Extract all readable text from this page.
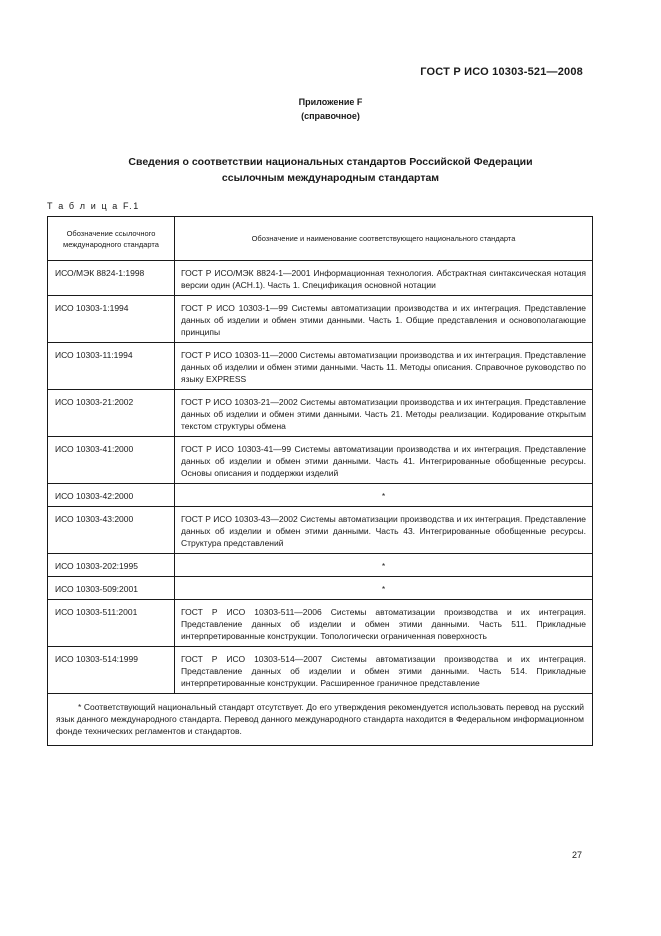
ГОСТ Р ИСО 10303-521—2008
Приложение F
(справочное)
Сведения о соответствии национальных стандартов Российской Федерации
ссылочным международным стандартам
Т а б л и ц а F.1
Обозначение ссылочного международного стандарта	Обозначение и наименование соответствующего национального стандарта
ИСО/МЭК 8824-1:1998	ГОСТ Р ИСО/МЭК 8824-1—2001 Информационная технология. Абстрактная синтаксическая нотация версии один (АСН.1). Часть 1. Спецификация основной нотации
ИСО 10303-1:1994	ГОСТ Р ИСО 10303-1—99 Системы автоматизации производства и их интеграция. Представление данных об изделии и обмен этими данными. Часть 1. Общие представления и основополагающие принципы
ИСО 10303-11:1994	ГОСТ Р ИСО 10303-11—2000 Системы автоматизации производства и их интеграция. Представление данных об изделии и обмен этими данными. Часть 11. Методы описания. Справочное руководство по языку EXPRESS
ИСО 10303-21:2002	ГОСТ Р ИСО 10303-21—2002 Системы автоматизации производства и их интеграция. Представление данных об изделии и обмен этими данными. Часть 21. Методы реализации. Кодирование открытым текстом структуры обмена
ИСО 10303-41:2000	ГОСТ Р ИСО 10303-41—99 Системы автоматизации производства и их интеграция. Представление данных об изделии и обмен этими данными. Часть 41. Интегрированные обобщенные ресурсы. Основы описания и поддержки изделий
ИСО 10303-42:2000	*
ИСО 10303-43:2000	ГОСТ Р ИСО 10303-43—2002 Системы автоматизации производства и их интеграция. Представление данных об изделии и обмен этими данными. Часть 43. Интегрированные обобщенные ресурсы. Структура представлений
ИСО 10303-202:1995	*
ИСО 10303-509:2001	*
ИСО 10303-511:2001	ГОСТ Р ИСО 10303-511—2006 Системы автоматизации производства и их интеграция. Представление данных об изделии и обмен этими данными. Часть 511. Прикладные интерпретированные конструкции. Топологически ограниченная поверхность
ИСО 10303-514:1999	ГОСТ Р ИСО 10303-514—2007 Системы автоматизации производства и их интеграция. Представление данных об изделии и обмен этими данными. Часть 514. Прикладные интерпретированные конструкции. Расширенное граничное представление
* Соответствующий национальный стандарт отсутствует. До его утверждения рекомендуется использовать перевод на русский язык данного международного стандарта. Перевод данного международного стандарта находится в Федеральном информационном фонде технических регламентов и стандартов.	
27
